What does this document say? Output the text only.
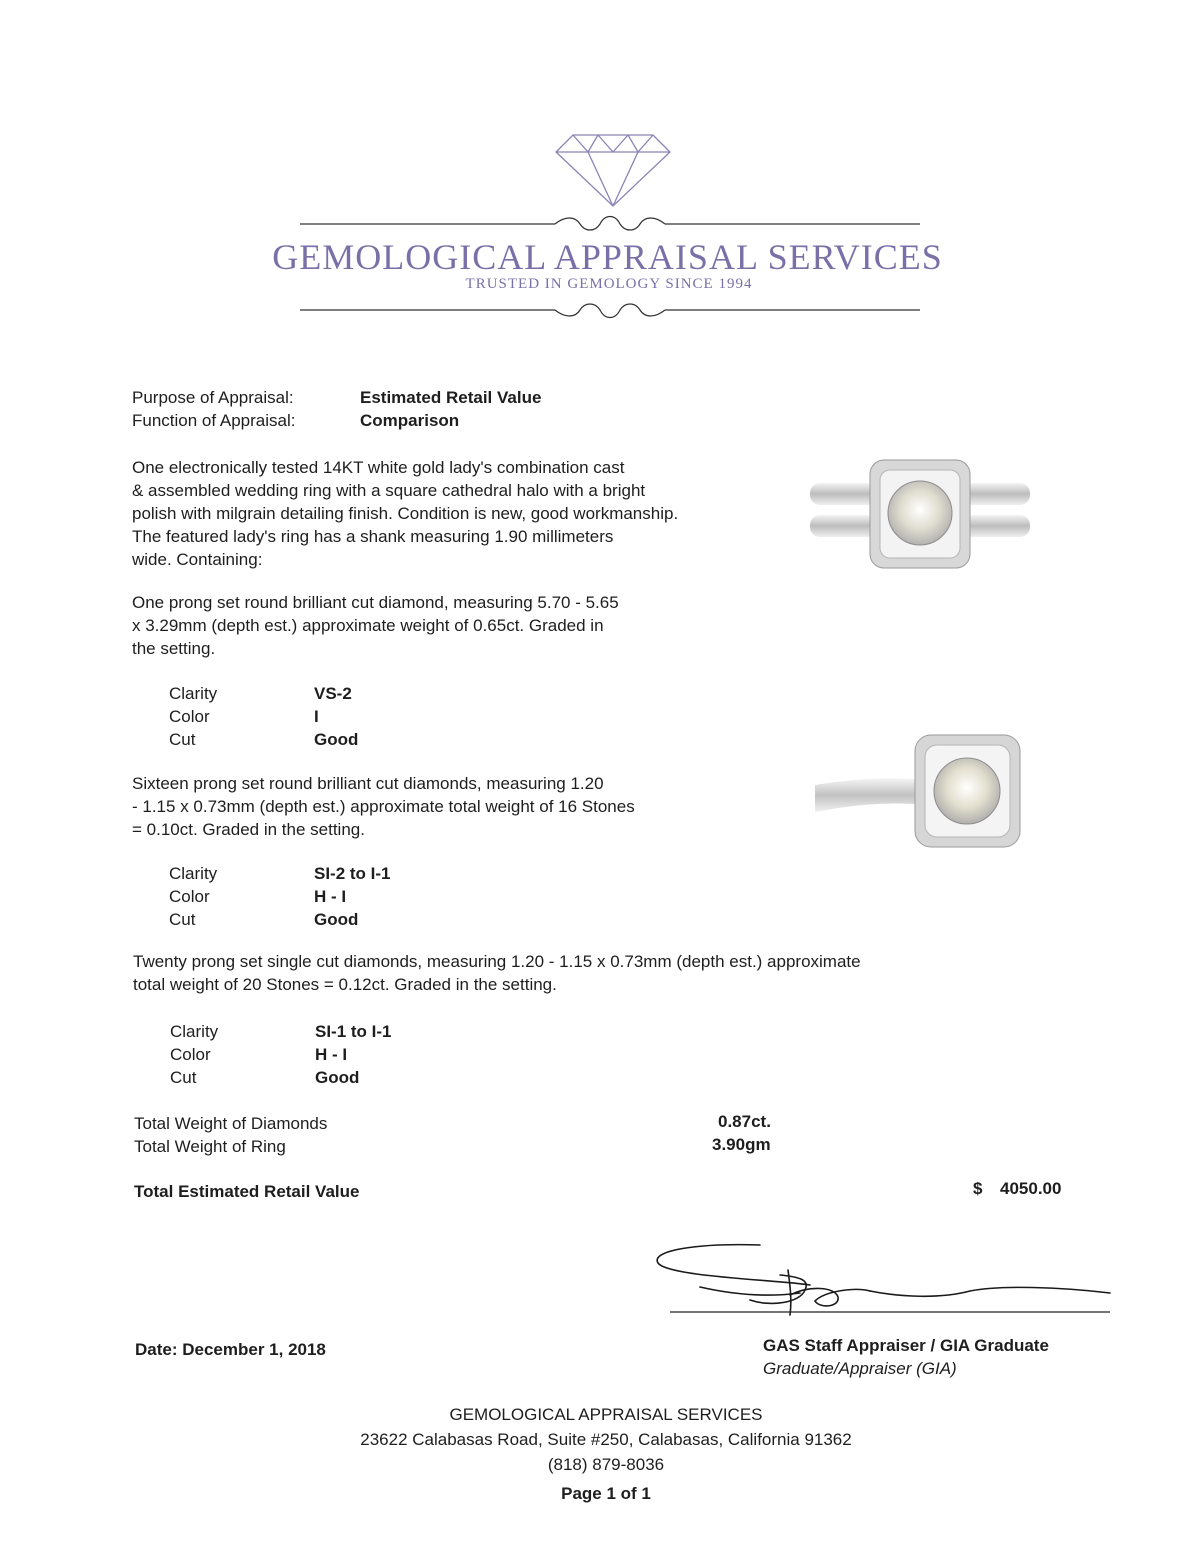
GEMOLOGICAL APPRAISAL SERVICES
TRUSTED IN GEMOLOGY SINCE 1994
Purpose of Appraisal:	Estimated Retail Value
Function of Appraisal:	Comparison
One electronically tested 14KT white gold lady's combination cast
& assembled wedding ring with a square cathedral halo with a bright
polish with milgrain detailing finish. Condition is new, good workmanship.
The featured lady's ring has a shank measuring 1.90 millimeters
wide. Containing:
One prong set round brilliant cut diamond, measuring 5.70 - 5.65
x 3.29mm (depth est.) approximate weight of 0.65ct. Graded in
the setting.
Clarity	VS-2
Color	I
Cut	Good
Sixteen prong set round brilliant cut diamonds, measuring 1.20
- 1.15 x 0.73mm (depth est.) approximate total weight of 16 Stones
= 0.10ct. Graded in the setting.
Clarity	SI-2 to I-1
Color	H - I
Cut	Good
Twenty prong set single cut diamonds, measuring 1.20 - 1.15 x 0.73mm (depth est.) approximate
total weight of 20 Stones = 0.12ct. Graded in the setting.
Clarity	SI-1 to I-1
Color	H - I
Cut	Good
Total Weight of Diamonds	0.87ct.
Total Weight of Ring	3.90gm
Total Estimated Retail Value	$ 4050.00
Date: December 1, 2018	GAS Staff Appraiser / GIA Graduate
Graduate/Appraiser (GIA)
GEMOLOGICAL APPRAISAL SERVICES
23622 Calabasas Road, Suite #250, Calabasas, California 91362
(818) 879-8036
Page 1 of 1
